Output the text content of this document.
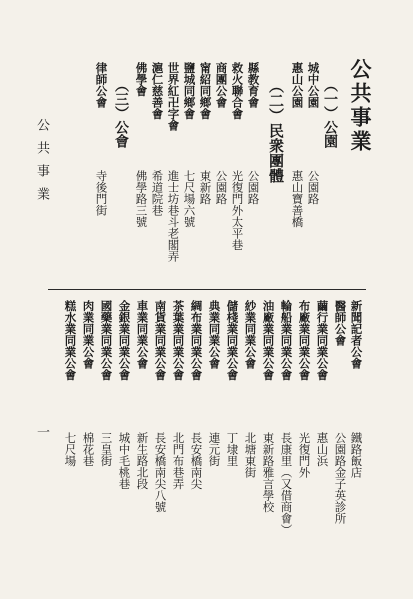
公共事業
一
公共事業
（一）公園
城中公園
公園路
惠山公園
惠山寶善橋
（二）民衆團體
縣教育會
公園路
救火聯合會
光復門外太平巷
商團公會
公園路
甯紹同鄉會
東新路
鹽城同鄉會
七尺場六號
世界紅卍字會
進士坊巷斗老閣弄
滬仁慈善會
希道院巷
佛學會
佛學路三號
（三）公會
律師公會
寺後門街
新聞記者公會
鐵路飯店
醫師公會
公園路金子英診所
繭行業同業公會
惠山浜
布廠業同業公會
光復門外
輪船業同業公會
長康里（又借商會）
油廠業同業公會
東新路雅言學校
紗業同業公會
北塘東街
儲棧業同業公會
丁埭里
典業同業公會
連元街
綢布業同業公會
長安橋南尖
茶葉業同業公會
北門布巷弄
南貨業同業公會
長安橋南尖八號
車業同業公會
新生路北段
金銀業同業公會
城中毛桃巷
國藥業同業公會
三皇街
肉業同業公會
棉花巷
糕水業同業公會
七尺場
